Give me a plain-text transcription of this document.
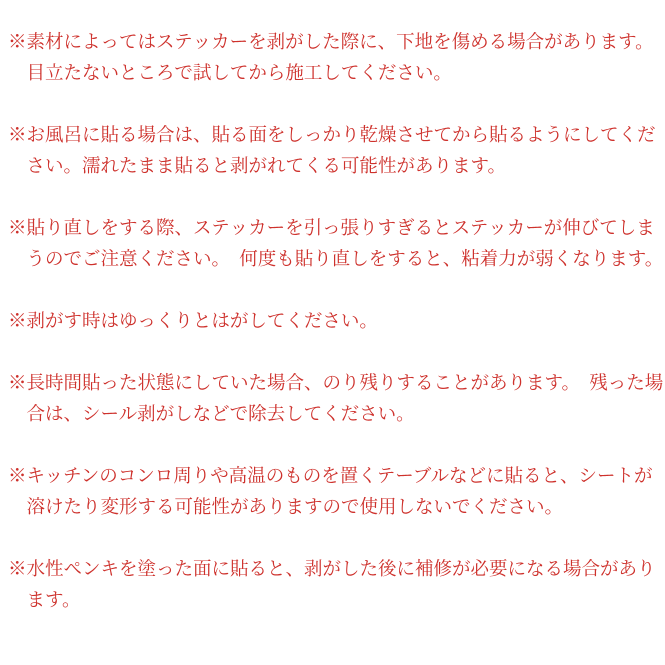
※素材によってはステッカーを剥がした際に、下地を傷める場合があります。
目立たないところで試してから施工してください。
※お風呂に貼る場合は、貼る面をしっかり乾燥させてから貼るようにしてくだ
さい。濡れたまま貼ると剥がれてくる可能性があります。
※貼り直しをする際、ステッカーを引っ張りすぎるとステッカーが伸びてしま
うのでご注意ください。　何度も貼り直しをすると、粘着力が弱くなります。
※剥がす時はゆっくりとはがしてください。
※長時間貼った状態にしていた場合、のり残りすることがあります。　残った場
合は、シール剥がしなどで除去してください。
※キッチンのコンロ周りや高温のものを置くテーブルなどに貼ると、シートが
溶けたり変形する可能性がありますので使用しないでください。
※水性ペンキを塗った面に貼ると、剥がした後に補修が必要になる場合があり
ます。
